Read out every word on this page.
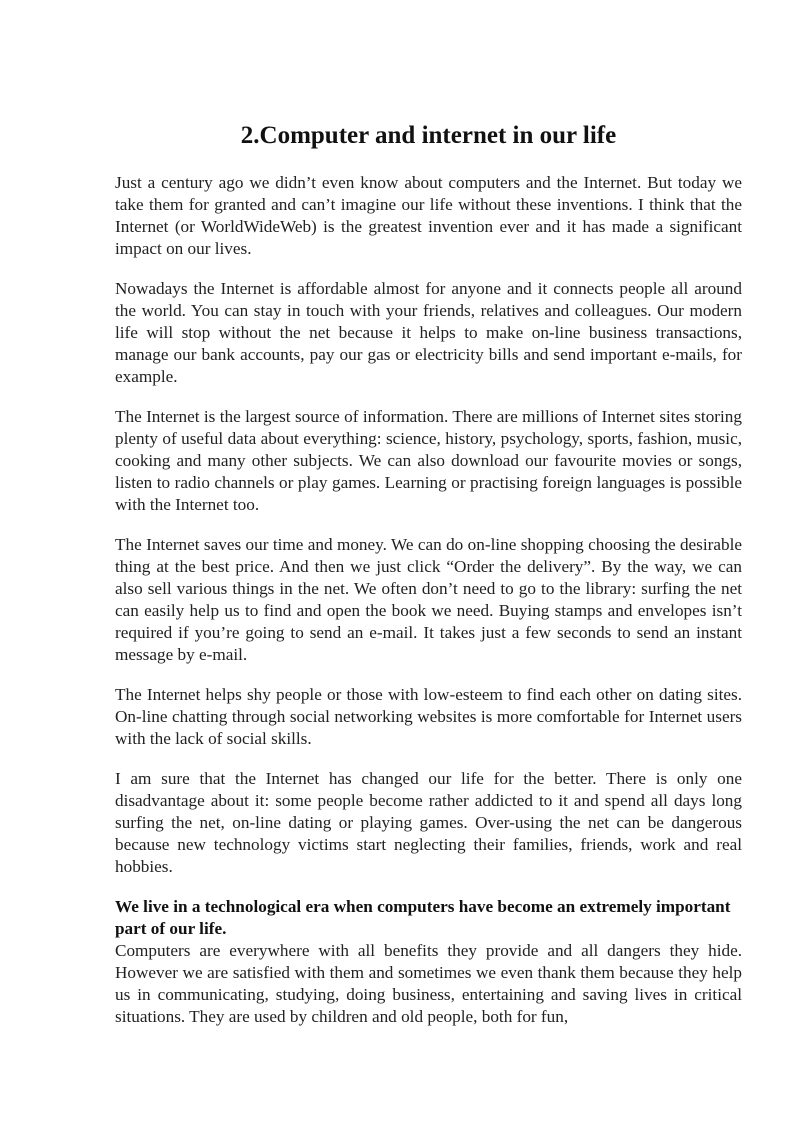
2.Computer and internet in our life

Just a century ago we didn’t even know about computers and the Internet. But today we take them for granted and can’t imagine our life without these inventions. I think that the Internet (or WorldWideWeb) is the greatest invention ever and it has made a significant impact on our lives.

Nowadays the Internet is affordable almost for anyone and it connects people all around the world. You can stay in touch with your friends, relatives and colleagues. Our modern life will stop without the net because it helps to make on-line business transactions, manage our bank accounts, pay our gas or electricity bills and send important e-mails, for example.

The Internet is the largest source of information. There are millions of Internet sites storing plenty of useful data about everything: science, history, psychology, sports, fashion, music, cooking and many other subjects. We can also download our favourite movies or songs, listen to radio channels or play games. Learning or practising foreign languages is possible with the Internet too.

The Internet saves our time and money. We can do on-line shopping choosing the desirable thing at the best price. And then we just click “Order the delivery”. By the way, we can also sell various things in the net. We often don’t need to go to the library: surfing the net can easily help us to find and open the book we need. Buying stamps and envelopes isn’t required if you’re going to send an e-mail. It takes just a few seconds to send an instant message by e-mail.

The Internet helps shy people or those with low-esteem to find each other on dating sites. On-line chatting through social networking websites is more comfortable for Internet users with the lack of social skills.

I am sure that the Internet has changed our life for the better. There is only one disadvantage about it: some people become rather addicted to it and spend all days long surfing the net, on-line dating or playing games. Over-using the net can be dangerous because new technology victims start neglecting their families, friends, work and real hobbies.

We live in a technological era when computers have become an extremely important part of our life.

Computers are everywhere with all benefits they provide and all dangers they hide. However we are satisfied with them and sometimes we even thank them because they help us in communicating, studying, doing business, entertaining and saving lives in critical situations. They are used by children and old people, both for fun,
